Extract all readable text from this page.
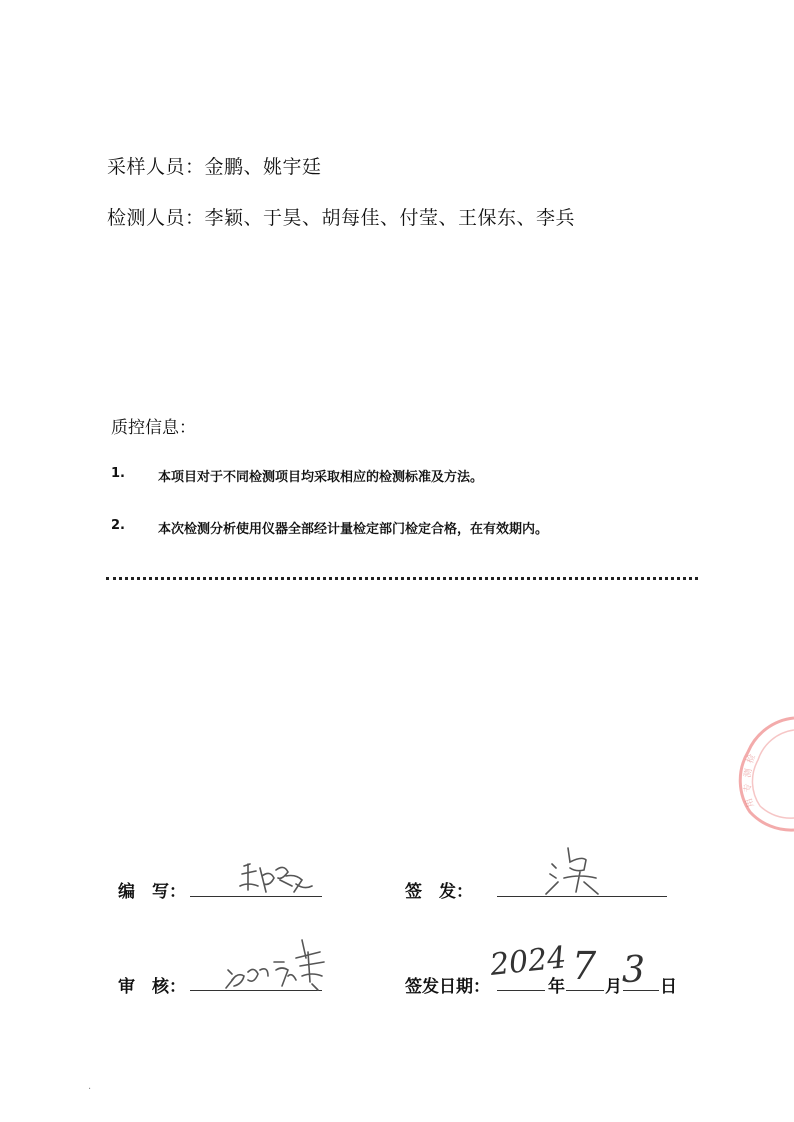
采样人员：金鹏、姚宇廷
检测人员：李颖、于昊、胡每佳、付莹、王保东、李兵
质控信息：
1.	本项目对于不同检测项目均采取相应的检测标准及方法。
2.	本次检测分析使用仪器全部经计量检定部门检定合格，在有效期内。
检
测
专
用
编　写：	签　发：
审　核：	签发日期：
2024
年 7 月 3 日
·
